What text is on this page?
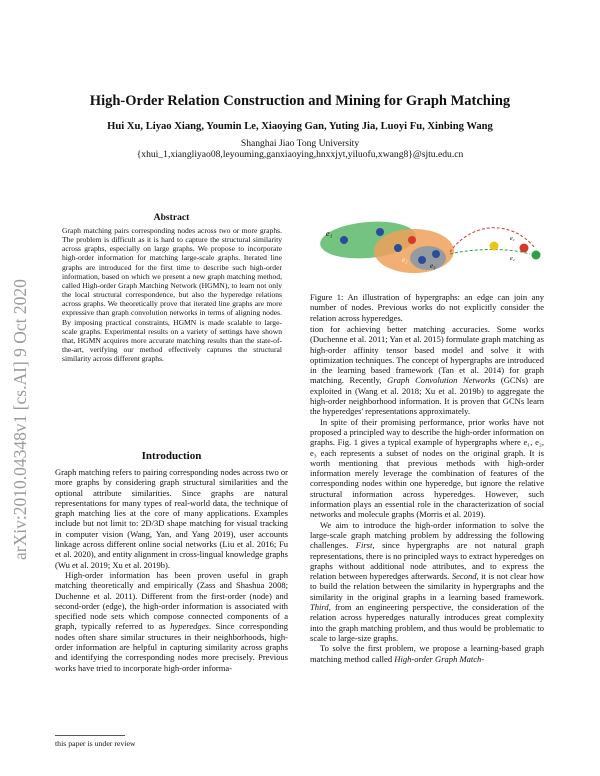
arXiv:2010.04348v1 [cs.AI] 9 Oct 2020
High-Order Relation Construction and Mining for Graph Matching
Hui Xu, Liyao Xiang, Youmin Le, Xiaoying Gan, Yuting Jia, Luoyi Fu, Xinbing Wang
Shanghai Jiao Tong University
{xhui_1,xiangliyao08,leyouming,ganxiaoying,hnxxjyt,yiluofu,xwang8}@sjtu.edu.cn
Abstract

Graph matching pairs corresponding nodes across two or more graphs. The problem is difficult as it is hard to capture the structural similarity across graphs, especially on large graphs. We propose to incorporate high-order information for matching large-scale graphs. Iterated line graphs are introduced for the first time to describe such high-order information, based on which we present a new graph matching method, called High-order Graph Matching Network (HGMN), to learn not only the local structural correspondence, but also the hyperedge relations across graphs. We theoretically prove that iterated line graphs are more expressive than graph convolution networks in terms of aligning nodes. By imposing practical constraints, HGMN is made scalable to large-scale graphs. Experimental results on a variety of settings have shown that, HGMN acquires more accurate matching results than the state-of-the-art, verifying our method effectively captures the structural similarity across different graphs.

Introduction

Graph matching refers to pairing corresponding nodes across two or more graphs by considering graph structural similarities and the optional attribute similarities. Since graphs are natural representations for many types of real-world data, the technique of graph matching lies at the core of many applications. Examples include but not limit to: 2D/3D shape matching for visual tracking in computer vision (Wang, Yan, and Yang 2019), user accounts linkage across different online social networks (Liu et al. 2016; Fu et al. 2020), and entity alignment in cross-lingual knowledge graphs (Wu et al. 2019; Xu et al. 2019b).

High-order information has been proven useful in graph matching theoretically and empirically (Zass and Shashua 2008; Duchenne et al. 2011). Different from the first-order (node) and second-order (edge), the high-order information is associated with specified node sets which compose connected components of a graph, typically referred to as hyperedges. Since corresponding nodes often share similar structures in their neighborhoods, high-order information are helpful in capturing similarity across graphs and identifying the corresponding nodes more precisely. Previous works have tried to incorporate high-order informa-

this paper is under review
e₁
e₂
e₃
e₁
e₂

Figure 1: An illustration of hypergraphs: an edge can join any number of nodes. Previous works do not explicitly consider the relation across hyperedges.

tion for achieving better matching accuracies. Some works (Duchenne et al. 2011; Yan et al. 2015) formulate graph matching as high-order affinity tensor based model and solve it with optimization techniques. The concept of hypergraphs are introduced in the learning based framework (Tan et al. 2014) for graph matching. Recently, Graph Convolution Networks (GCNs) are exploited in (Wang et al. 2018; Xu et al. 2019b) to aggregate the high-order neighborhood information. It is proven that GCNs learn the hyperedges' representations approximately.

In spite of their promising performance, prior works have not proposed a principled way to describe the high-order information on graphs. Fig. 1 gives a typical example of hypergraphs where e₁, e₂, e₃ each represents a subset of nodes on the original graph. It is worth mentioning that previous methods with high-order information merely leverage the combination of features of the corresponding nodes within one hyperedge, but ignore the relative structural information across hyperedges. However, such information plays an essential role in the characterization of social networks and molecule graphs (Morris et al. 2019).

We aim to introduce the high-order information to solve the large-scale graph matching problem by addressing the following challenges. First, since hypergraphs are not natural graph representations, there is no principled ways to extract hyperedges on graphs without additional node attributes, and to express the relation between hyperedges afterwards. Second, it is not clear how to build the relation between the similarity in hypergraphs and the similarity in the original graphs in a learning based framework. Third, from an engineering perspective, the consideration of the relation across hyperedges naturally introduces great complexity into the graph matching problem, and thus would be problematic to scale to large-size graphs.

To solve the first problem, we propose a learning-based graph matching method called High-order Graph Match-
